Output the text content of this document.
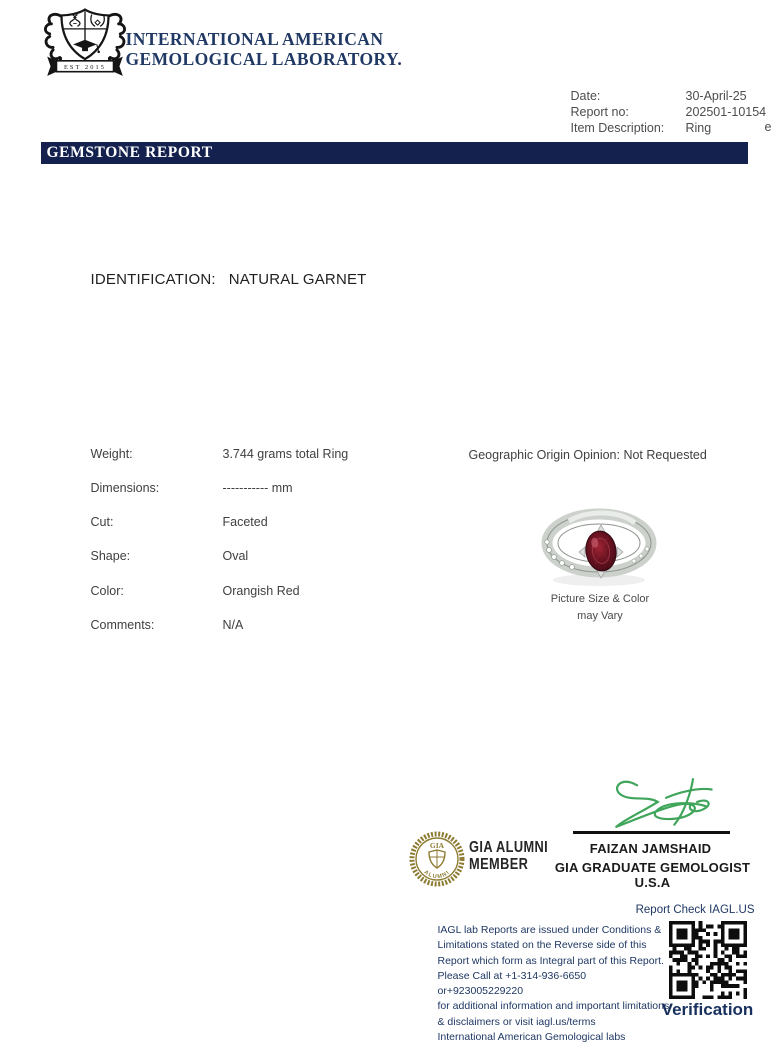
EST 2015
INTERNATIONAL AMERICAN
GEMOLOGICAL LABORATORY.
Date:	30-April-25
Report no:	202501-10154
Item Description:	Ring	e
GEMSTONE REPORT
IDENTIFICATION: NATURAL GARNET
Weight:	3.744 grams total Ring
Dimensions:	----------- mm
Cut:	Faceted
Shape:	Oval
Color:	Orangish Red
Comments:	N/A
Geographic Origin Opinion: Not Requested
Picture Size & Color
may Vary
FAIZAN JAMSHAID
GIA GRADUATE GEMOLOGIST U.S.A
GIA
ALUMNI
GIA ALUMNI
MEMBER
Report Check IAGL.US
IAGL lab Reports are issued under Conditions &
Limitations stated on the Reverse side of this
Report which form as Integral part of this Report.
Please Call at +1-314-936-6650 or+923005229220
for additional information and important limitations
& disclaimers or visit iagl.us/terms
International American Gemological labs
Verification
